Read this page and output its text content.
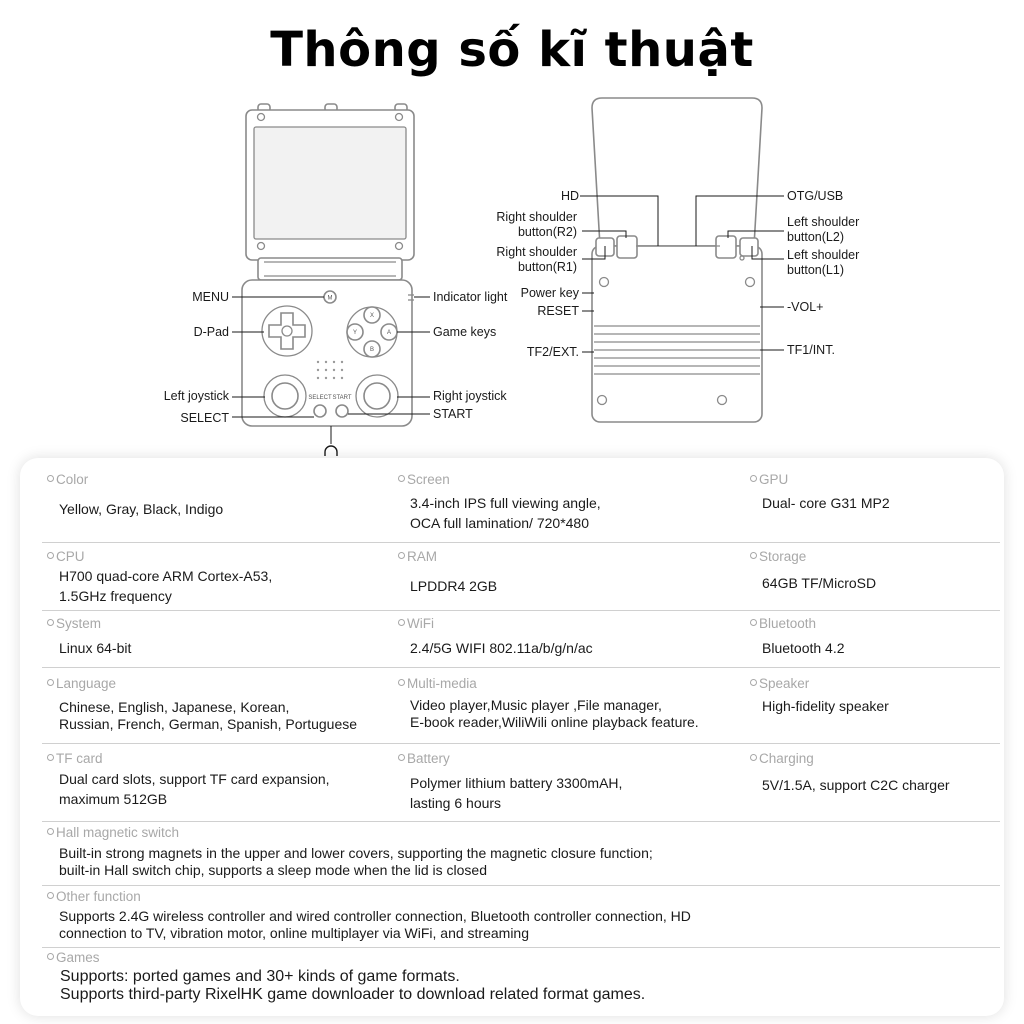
Thông số kĩ thuật
M
X
Y	A
B
SELECT START
MENU
D-Pad
Left joystick
SELECT
Indicator light
Game keys
Right joystick
START
HD
Right shoulder
button(R2)
Right shoulder
button(R1)
Power key
RESET
TF2/EXT.
OTG/USB
Left shoulder
button(L2)
Left shoulder
button(L1)
-VOL+
TF1/INT.
Color
Yellow, Gray, Black, Indigo
Screen
3.4-inch IPS full viewing angle,
OCA full lamination/ 720*480
GPU
Dual- core G31 MP2
CPU
H700 quad-core ARM Cortex-A53,
1.5GHz frequency
RAM
LPDDR4 2GB
Storage
64GB TF/MicroSD
System
Linux 64-bit
WiFi
2.4/5G WIFI 802.11a/b/g/n/ac
Bluetooth
Bluetooth 4.2
Language
Chinese, English, Japanese, Korean,
Russian, French, German, Spanish, Portuguese
Multi-media
Video player,Music player ,File manager,
E-book reader,WiliWili online playback feature.
Speaker
High-fidelity speaker
TF card
Dual card slots, support TF card expansion,
maximum 512GB
Battery
Polymer lithium battery 3300mAH,
lasting 6 hours
Charging
5V/1.5A, support C2C charger
Hall magnetic switch
Built-in strong magnets in the upper and lower covers, supporting the magnetic closure function;
built-in Hall switch chip, supports a sleep mode when the lid is closed
Other function
Supports 2.4G wireless controller and wired controller connection, Bluetooth controller connection, HD
connection to TV, vibration motor, online multiplayer via WiFi, and streaming
Games
Supports: ported games and 30+ kinds of game formats.
Supports third-party RixelHK game downloader to download related format games.
